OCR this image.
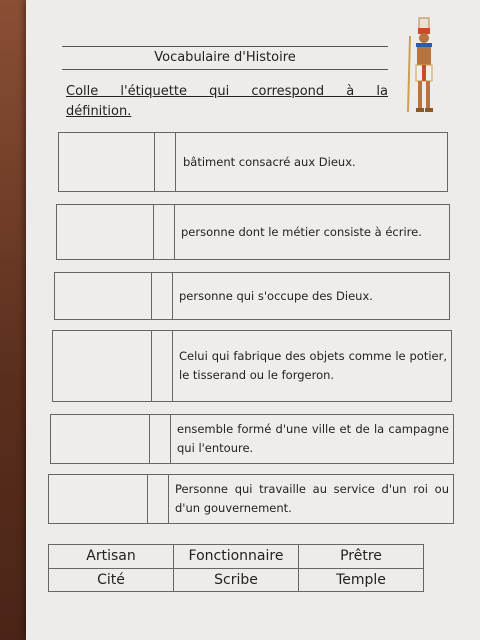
Vocabulaire d'Histoire
Colle l'étiquette qui correspond à la
définition.
bâtiment consacré aux Dieux.
personne dont le métier consiste à écrire.
personne qui s'occupe des Dieux.
Celui qui fabrique des objets comme le potier, le tisserand ou le forgeron.
ensemble formé d'une ville et de la campagne qui l'entoure.
Personne qui travaille au service d'un roi ou d'un gouvernement.
Artisan	Fonctionnaire	Prêtre
Cité	Scribe	Temple
